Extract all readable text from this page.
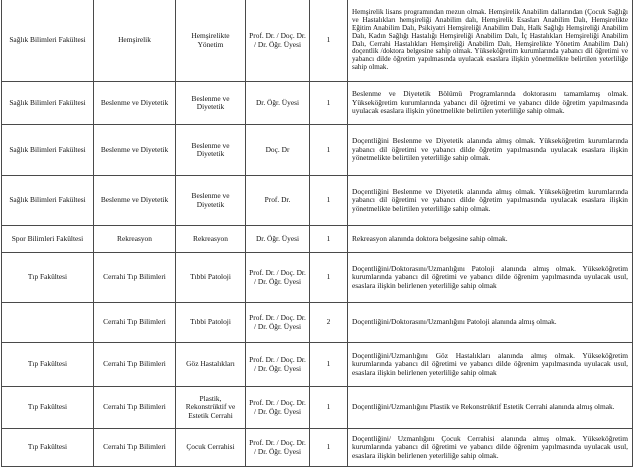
Sağlık Bilimleri Fakültesi	Hemşirelik	Hemşirelikte Yönetim	Prof. Dr. / Doç. Dr. / Dr. Öğr. Üyesi	1	Hemşirelik lisans programından mezun olmak. Hemşirelik Anabilim dallarından (Çocuk Sağlığı ve Hastalıkları hemşireliği Anabilim dalı, Hemşirelik Esasları Anabilim Dalı, Hemşirelikte Eğitim Anabilim Dalı, Psikiyatri Hemşireliği Anabilim Dalı, Halk Sağlığı Hemşireliği Anabilim Dalı, Kadın Sağlığı Hastalığı Hemşireliği Anabilim Dalı, İç Hastalıkları Hemşireliği Anabilim Dalı, Cerrahi Hastalıkları Hemşireliği Anabilim Dalı, Hemşirelikte Yönetim Anabilim Dalı) doçentlik /doktora belgesine sahip olmak. Yükseköğretim kurumlarında yabancı dil öğretimi ve yabancı dilde öğretim yapılmasında uyulacak esaslara ilişkin yönetmelikte belirtilen yeterliliğe sahip olmak.
Sağlık Bilimleri Fakültesi	Beslenme ve Diyetetik	Beslenme ve Diyetetik	Dr. Öğr. Üyesi	1	Beslenme ve Diyetetik Bölümü Programlarında doktorasını tamamlamış olmak. Yükseköğretim kurumlarında yabancı dil öğretimi ve yabancı dilde öğretim yapılmasında uyulacak esaslara ilişkin yönetmelikte belirtilen yeterliliğe sahip olmak.
Sağlık Bilimleri Fakültesi	Beslenme ve Diyetetik	Beslenme ve Diyetetik	Doç. Dr	1	Doçentliğini Beslenme ve Diyetetik alanında almış olmak. Yükseköğretim kurumlarında yabancı dil öğretimi ve yabancı dilde öğretim yapılmasında uyulacak esaslara ilişkin yönetmelikte belirtilen yeterliliğe sahip olmak.
Sağlık Bilimleri Fakültesi	Beslenme ve Diyetetik	Beslenme ve Diyetetik	Prof. Dr.	1	Doçentliğini Beslenme ve Diyetetik alanında almış olmak. Yükseköğretim kurumlarında yabancı dil öğretimi ve yabancı dilde öğretim yapılmasında uyulacak esaslara ilişkin yönetmelikte belirtilen yeterliliğe sahip olmak.
Spor Bilimleri Fakültesi	Rekreasyon	Rekreasyon	Dr. Öğr. Üyesi	1	Rekreasyon alanında doktora belgesine sahip olmak.
Tıp Fakültesi	Cerrahi Tıp Bilimleri	Tıbbi Patoloji	Prof. Dr. / Doç. Dr. / Dr. Öğr. Üyesi	1	Doçentliğini/Doktorasını/Uzmanlığını Patoloji alanında almış olmak. Yükseköğretim kurumlarında yabancı dil öğretimi ve yabancı dilde öğrenim yapılmasında uyulacak usul, esaslara ilişkin belirlenen yeterliliğe sahip olmak
	Cerrahi Tıp Bilimleri	Tıbbi Patoloji	Prof. Dr. / Doç. Dr. / Dr. Öğr. Üyesi	2	Doçentliğini/Doktorasını/Uzmanlığını Patoloji alanında almış olmak.
Tıp Fakültesi	Cerrahi Tıp Bilimleri	Göz Hastalıkları	Prof. Dr. / Doç. Dr. / Dr. Öğr. Üyesi	1	Doçentliğini/Uzmanlığını Göz Hastalıkları alanında almış olmak. Yükseköğretim kurumlarında yabancı dil öğretimi ve yabancı dilde öğrenim yapılmasında uyulacak usul, esaslara ilişkin belirlenen yeterliliğe sahip olmak
Tıp Fakültesi	Cerrahi Tıp Bilimleri	Plastik, Rekonstrüktif ve Estetik Cerrahi	Prof. Dr. / Doç. Dr. / Dr. Öğr. Üyesi	1	Doçentliğini/Uzmanlığını Plastik ve Rekonstrüktif Estetik Cerrahi alanında almış olmak.
Tıp Fakültesi	Cerrahi Tıp Bilimleri	Çocuk Cerrahisi	Prof. Dr. / Doç. Dr. / Dr. Öğr. Üyesi	1	Doçentliğini/ Uzmanlığını Çocuk Cerrahisi alanında almış olmak. Yükseköğretim kurumlarında yabancı dil öğretimi ve yabancı dilde öğrenim yapılmasında uyulacak usul, esaslara ilişkin belirlenen yeterliliğe sahip olmak.
